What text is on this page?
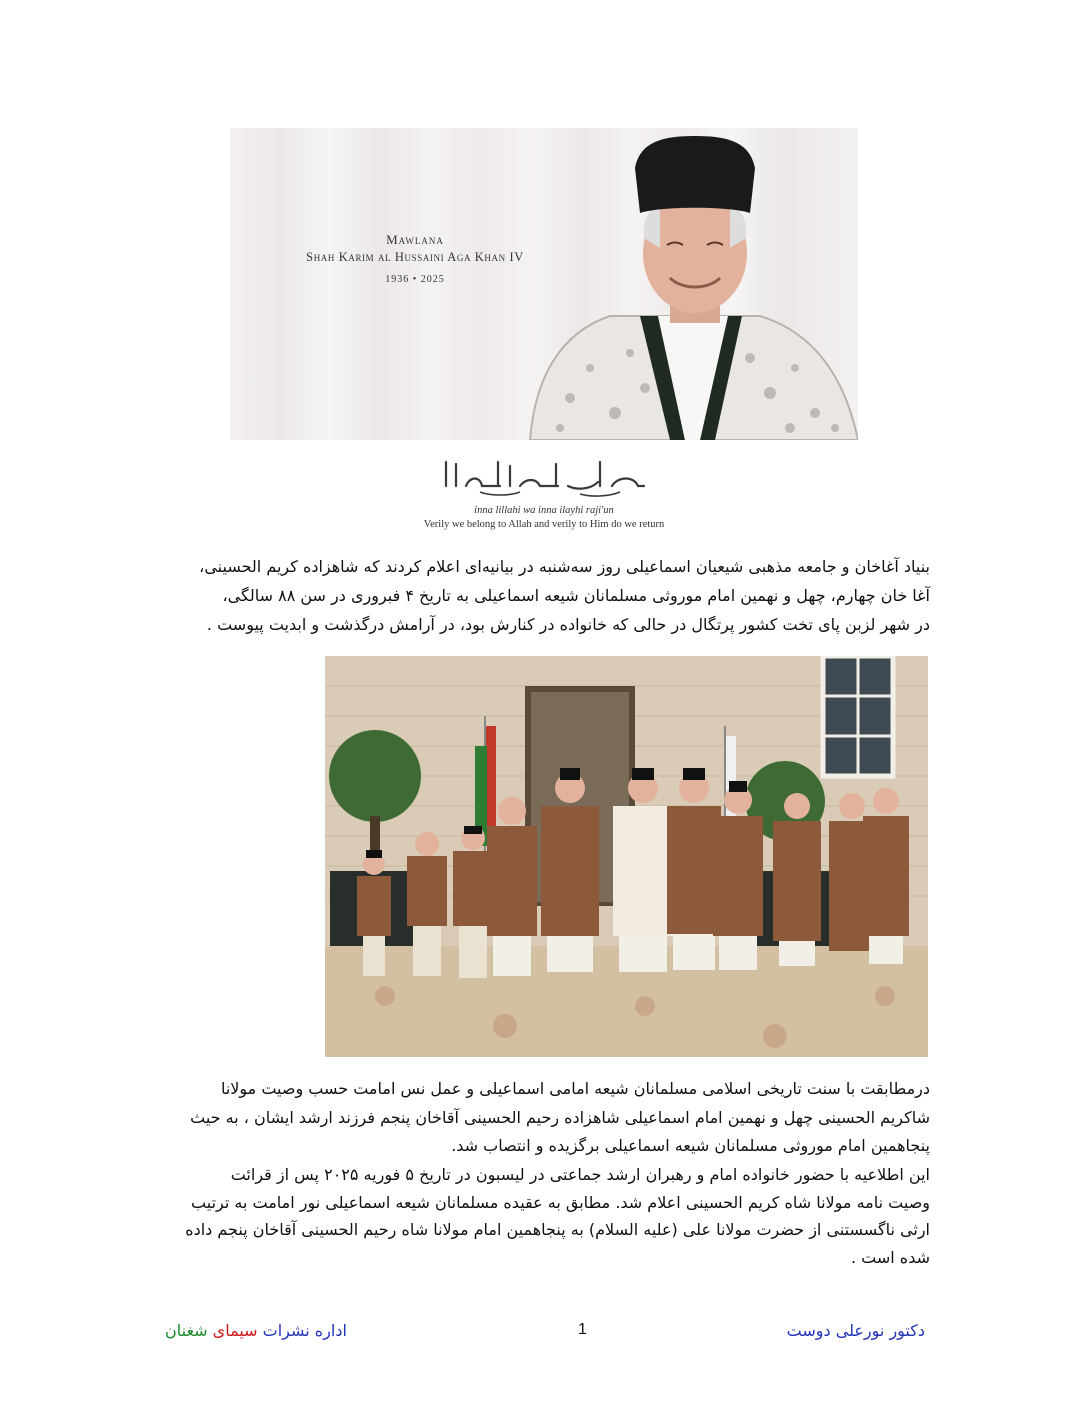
Mawlana
Shah Karim al Hussaini Aga Khan IV
1936 • 2025
انا لله و انا اليه راجعون
inna lillahi wa inna ilayhi raji'un
Verily we belong to Allah and verily to Him do we return
بنیاد آغاخان و جامعه مذهبی شیعیان اسماعیلی روز سه‌شنبه در بیانیه‌ای اعلام کردند که شاهزاده کریم الحسینی،
آغا خان چهارم، چهل و نهمین امام موروثی مسلمانان شیعه اسماعیلی به تاریخ ۴ فبروری در سن ۸۸ سالگی،
در شهر لزبن پای تخت کشور پرتگال در حالی که خانواده در کنارش بود، در آرامش درگذشت و ابدیت پیوست .
درمطابقت با سنت تاریخی اسلامی مسلمانان شیعه امامی اسماعیلی و عمل نس امامت حسب وصیت مولانا
شاکریم الحسینی چهل و نهمین امام اسماعیلی شاهزاده رحیم الحسینی آقاخان پنجم فرزند ارشد ایشان ، به حیث
پنجاهمین امام موروثی مسلمانان شیعه اسماعیلی برگزیده و انتصاب شد.
این اطلاعیه با حضور خانواده امام و رهبران ارشد جماعتی در لیسبون در تاریخ ۵ فوریه ۲۰۲۵ پس از قرائت
وصیت نامه مولانا شاه کریم الحسینی اعلام شد. مطابق به عقیده مسلمانان شیعه اسماعیلی نور امامت به ترتیب
ارثی ناگسستنی از حضرت مولانا علی (علیه السلام) به پنجاهمین امام مولانا شاه رحیم الحسینی آقاخان پنجم داده
شده است .
دکتور نورعلی دوست
1
اداره نشرات سیمای شغنان
